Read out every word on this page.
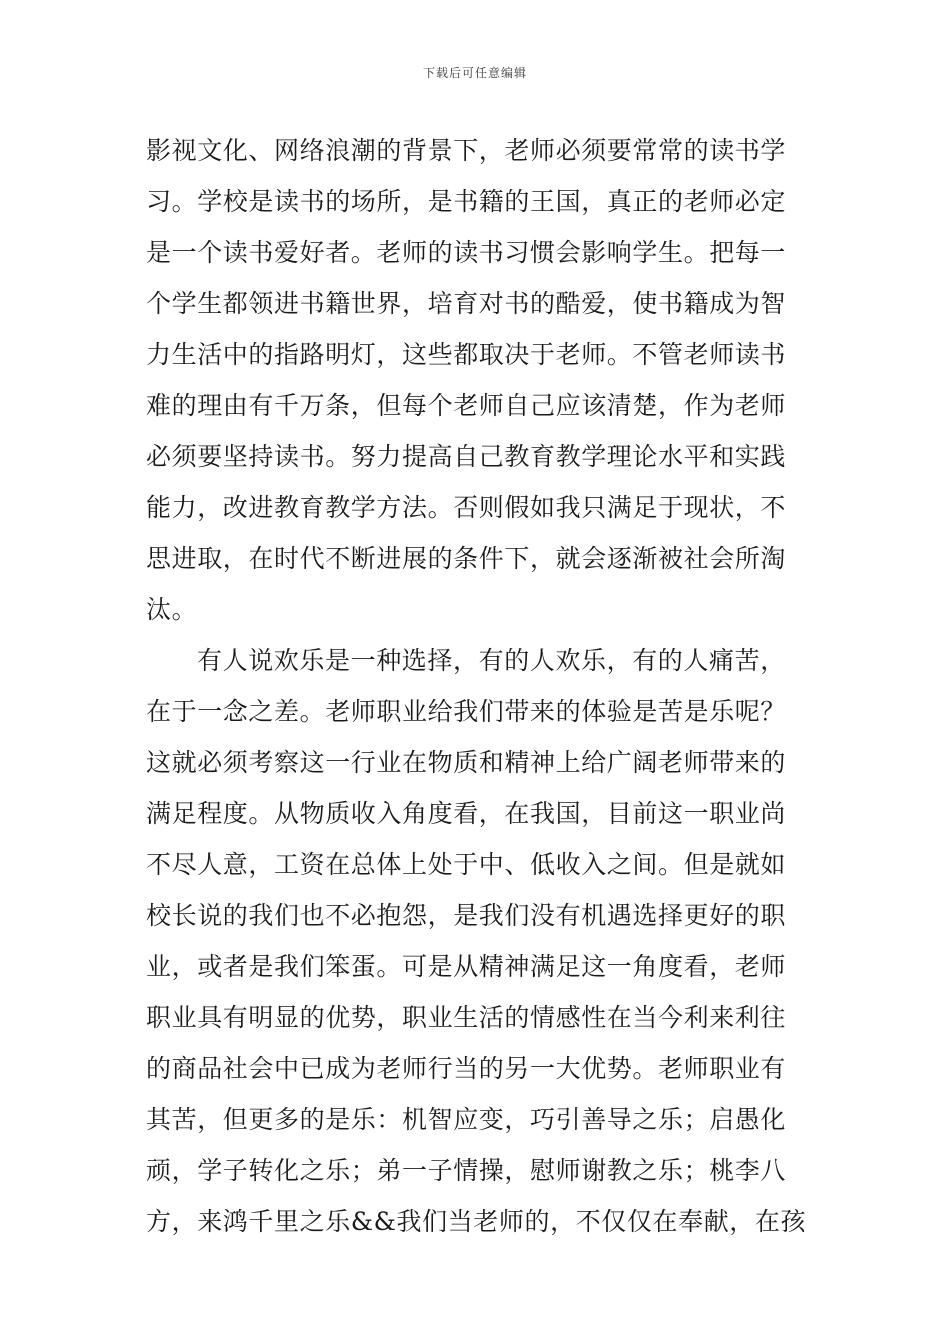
下载后可任意编辑
影视文化、网络浪潮的背景下，老师必须要常常的读书学
习。学校是读书的场所，是书籍的王国，真正的老师必定
是一个读书爱好者。老师的读书习惯会影响学生。把每一
个学生都领进书籍世界，培育对书的酷爱，使书籍成为智
力生活中的指路明灯，这些都取决于老师。不管老师读书
难的理由有千万条，但每个老师自己应该清楚，作为老师
必须要坚持读书。努力提高自己教育教学理论水平和实践
能力，改进教育教学方法。否则假如我只满足于现状，不
思进取，在时代不断进展的条件下，就会逐渐被社会所淘
汰。
有人说欢乐是一种选择，有的人欢乐，有的人痛苦，
在于一念之差。老师职业给我们带来的体验是苦是乐呢？
这就必须考察这一行业在物质和精神上给广阔老师带来的
满足程度。从物质收入角度看，在我国，目前这一职业尚
不尽人意，工资在总体上处于中、低收入之间。但是就如
校长说的我们也不必抱怨，是我们没有机遇选择更好的职
业，或者是我们笨蛋。可是从精神满足这一角度看，老师
职业具有明显的优势，职业生活的情感性在当今利来利往
的商品社会中已成为老师行当的另一大优势。老师职业有
其苦，但更多的是乐：机智应变，巧引善导之乐；启愚化
顽，学子转化之乐；弟一子情操，慰师谢教之乐；桃李八
方，来鸿千里之乐&&我们当老师的，不仅仅在奉献，在孩
